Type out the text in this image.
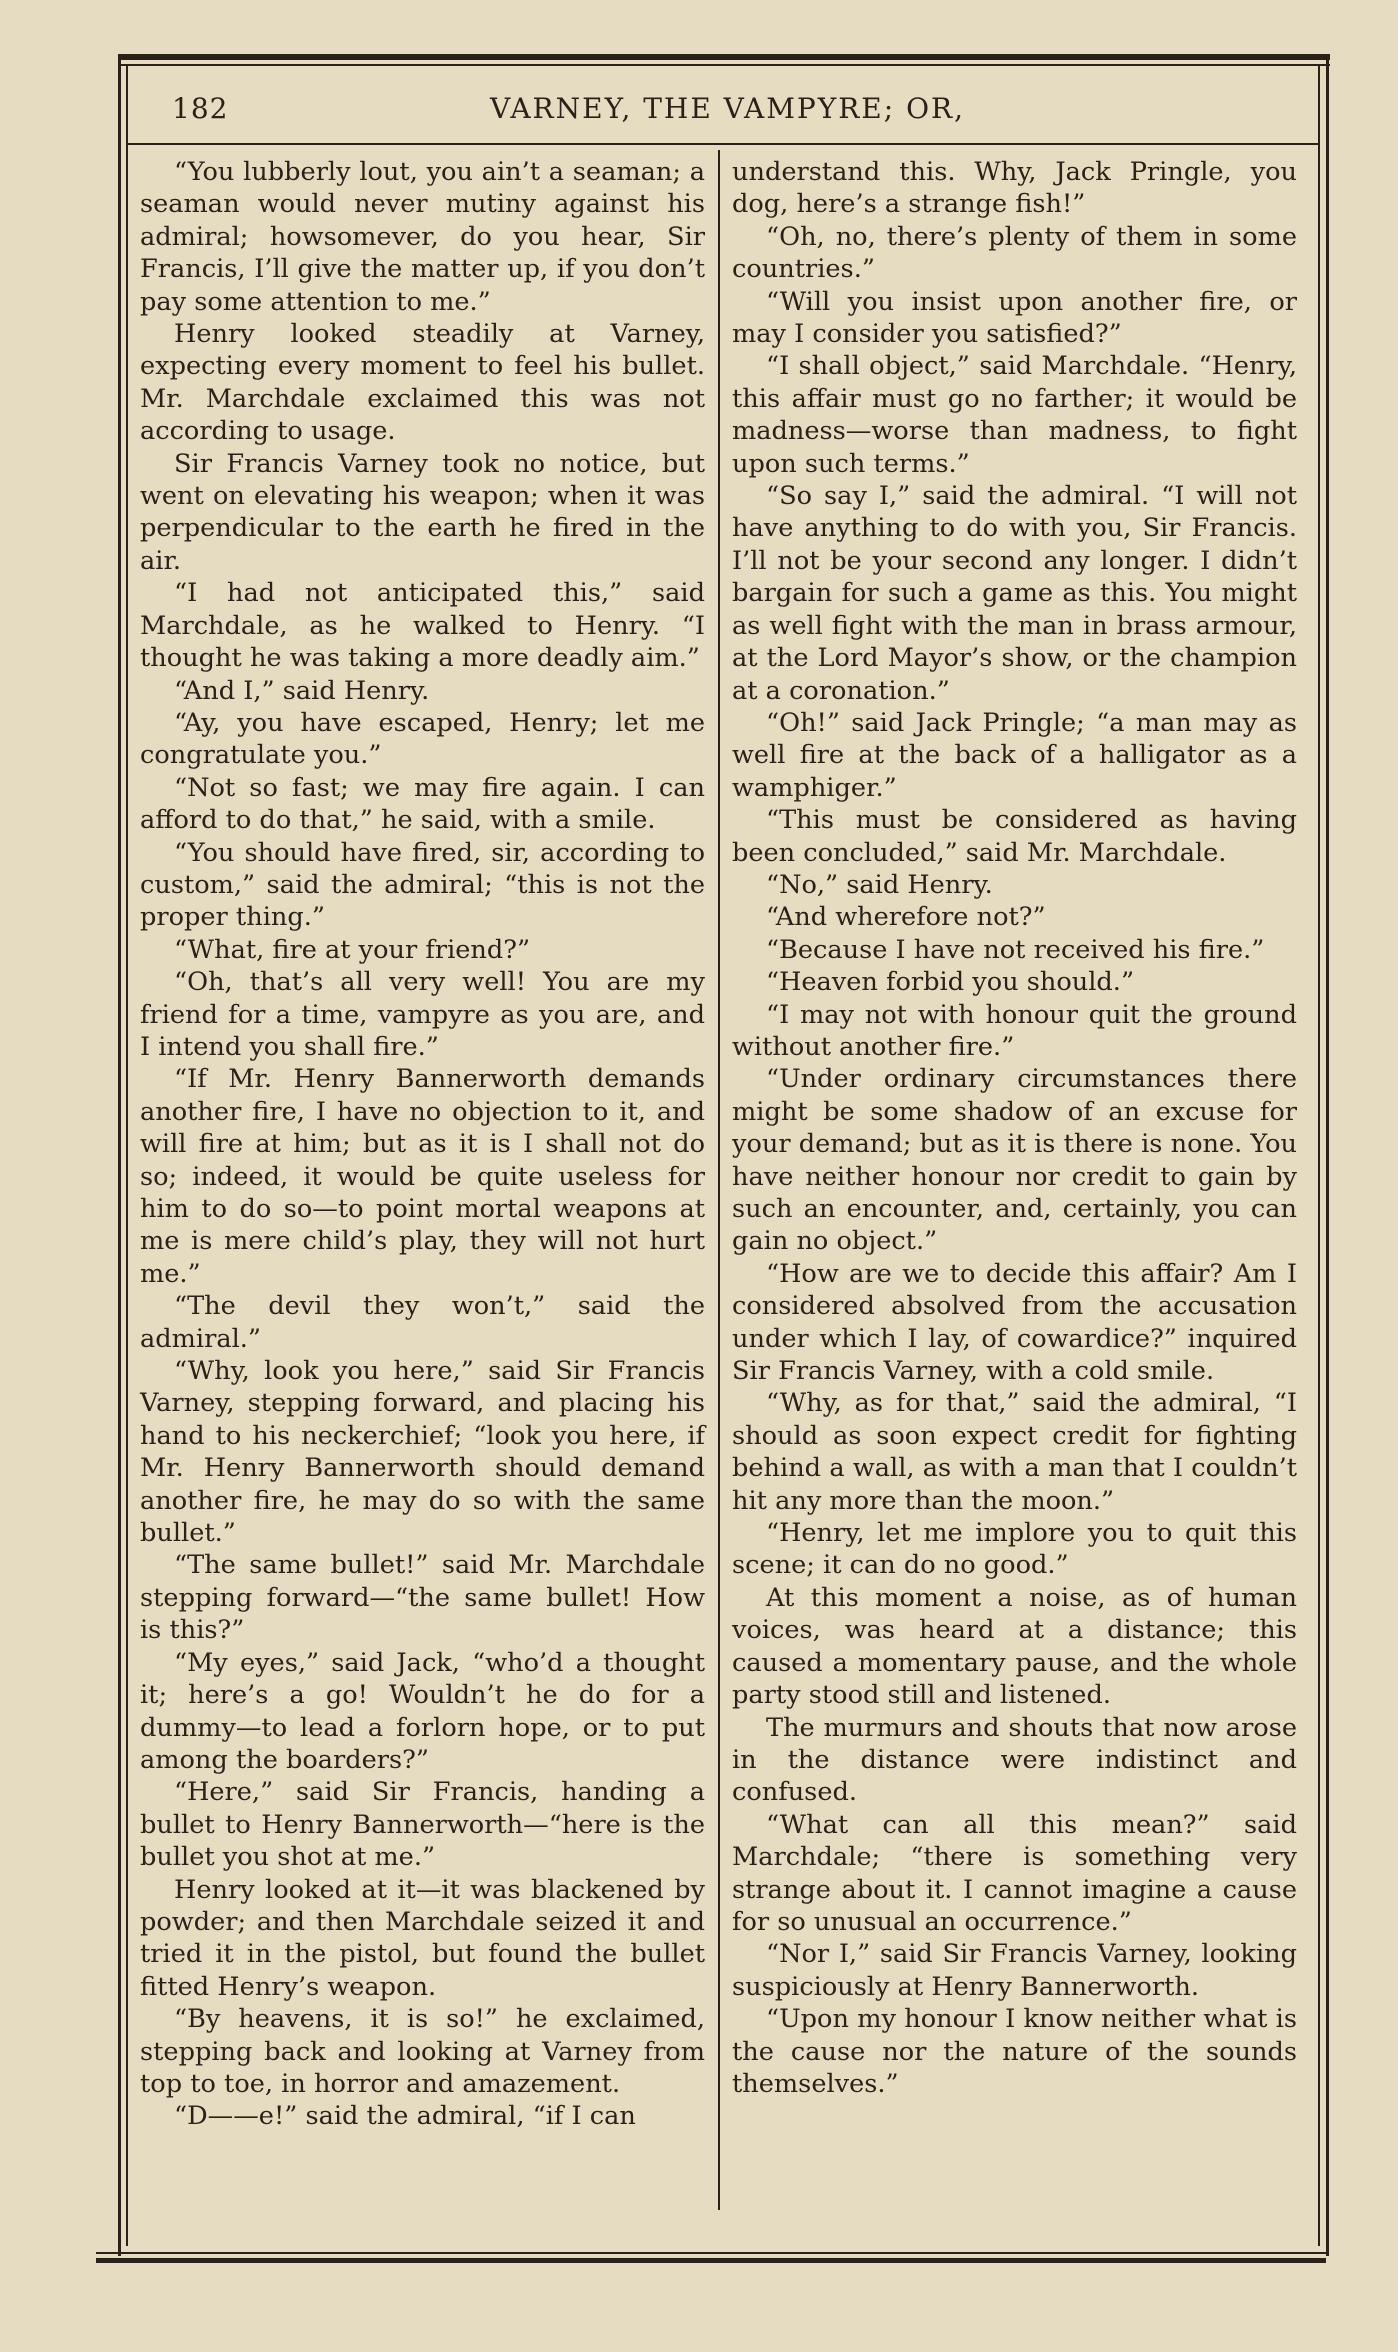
182	VARNEY, THE VAMPYRE; OR,

“You lubberly lout, you ain’t a seaman; a seaman would never mutiny against his admiral; howsomever, do you hear, Sir Francis, I’ll give the matter up, if you don’t pay some attention to me.”

Henry looked steadily at Varney, expecting every moment to feel his bullet. Mr. Marchdale exclaimed this was not according to usage.

Sir Francis Varney took no notice, but went on elevating his weapon; when it was perpendicular to the earth he fired in the air.

“I had not anticipated this,” said Marchdale, as he walked to Henry. “I thought he was taking a more deadly aim.”

“And I,” said Henry.

“Ay, you have escaped, Henry; let me congratulate you.”

“Not so fast; we may fire again. I can afford to do that,” he said, with a smile.

“You should have fired, sir, according to custom,” said the admiral; “this is not the proper thing.”

“What, fire at your friend?”

“Oh, that’s all very well! You are my friend for a time, vampyre as you are, and I intend you shall fire.”

“If Mr. Henry Bannerworth demands another fire, I have no objection to it, and will fire at him; but as it is I shall not do so; indeed, it would be quite useless for him to do so—to point mortal weapons at me is mere child’s play, they will not hurt me.”

“The devil they won’t,” said the admiral.”

“Why, look you here,” said Sir Francis Varney, stepping forward, and placing his hand to his neckerchief; “look you here, if Mr. Henry Bannerworth should demand another fire, he may do so with the same bullet.”

“The same bullet!” said Mr. Marchdale stepping forward—“the same bullet! How is this?”

“My eyes,” said Jack, “who’d a thought it; here’s a go! Wouldn’t he do for a dummy—to lead a forlorn hope, or to put among the boarders?”

“Here,” said Sir Francis, handing a bullet to Henry Bannerworth—“here is the bullet you shot at me.”

Henry looked at it—it was blackened by powder; and then Marchdale seized it and tried it in the pistol, but found the bullet fitted Henry’s weapon.

“By heavens, it is so!” he exclaimed, stepping back and looking at Varney from top to toe, in horror and amazement.

“D——e!” said the admiral, “if I can

understand this. Why, Jack Pringle, you dog, here’s a strange fish!”

“Oh, no, there’s plenty of them in some countries.”

“Will you insist upon another fire, or may I consider you satisfied?”

“I shall object,” said Marchdale. “Henry, this affair must go no farther; it would be madness—worse than madness, to fight upon such terms.”

“So say I,” said the admiral. “I will not have anything to do with you, Sir Francis. I’ll not be your second any longer. I didn’t bargain for such a game as this. You might as well fight with the man in brass armour, at the Lord Mayor’s show, or the champion at a coronation.”

“Oh!” said Jack Pringle; “a man may as well fire at the back of a halligator as a wamphiger.”

“This must be considered as having been concluded,” said Mr. Marchdale.

“No,” said Henry.

“And wherefore not?”

“Because I have not received his fire.”

“Heaven forbid you should.”

“I may not with honour quit the ground without another fire.”

“Under ordinary circumstances there might be some shadow of an excuse for your demand; but as it is there is none. You have neither honour nor credit to gain by such an encounter, and, certainly, you can gain no object.”

“How are we to decide this affair? Am I considered absolved from the accusation under which I lay, of cowardice?” inquired Sir Francis Varney, with a cold smile.

“Why, as for that,” said the admiral, “I should as soon expect credit for fighting behind a wall, as with a man that I couldn’t hit any more than the moon.”

“Henry, let me implore you to quit this scene; it can do no good.”

At this moment a noise, as of human voices, was heard at a distance; this caused a momentary pause, and the whole party stood still and listened.

The murmurs and shouts that now arose in the distance were indistinct and confused.

“What can all this mean?” said Marchdale; “there is something very strange about it. I cannot imagine a cause for so unusual an occurrence.”

“Nor I,” said Sir Francis Varney, looking suspiciously at Henry Bannerworth.

“Upon my honour I know neither what is the cause nor the nature of the sounds themselves.”
